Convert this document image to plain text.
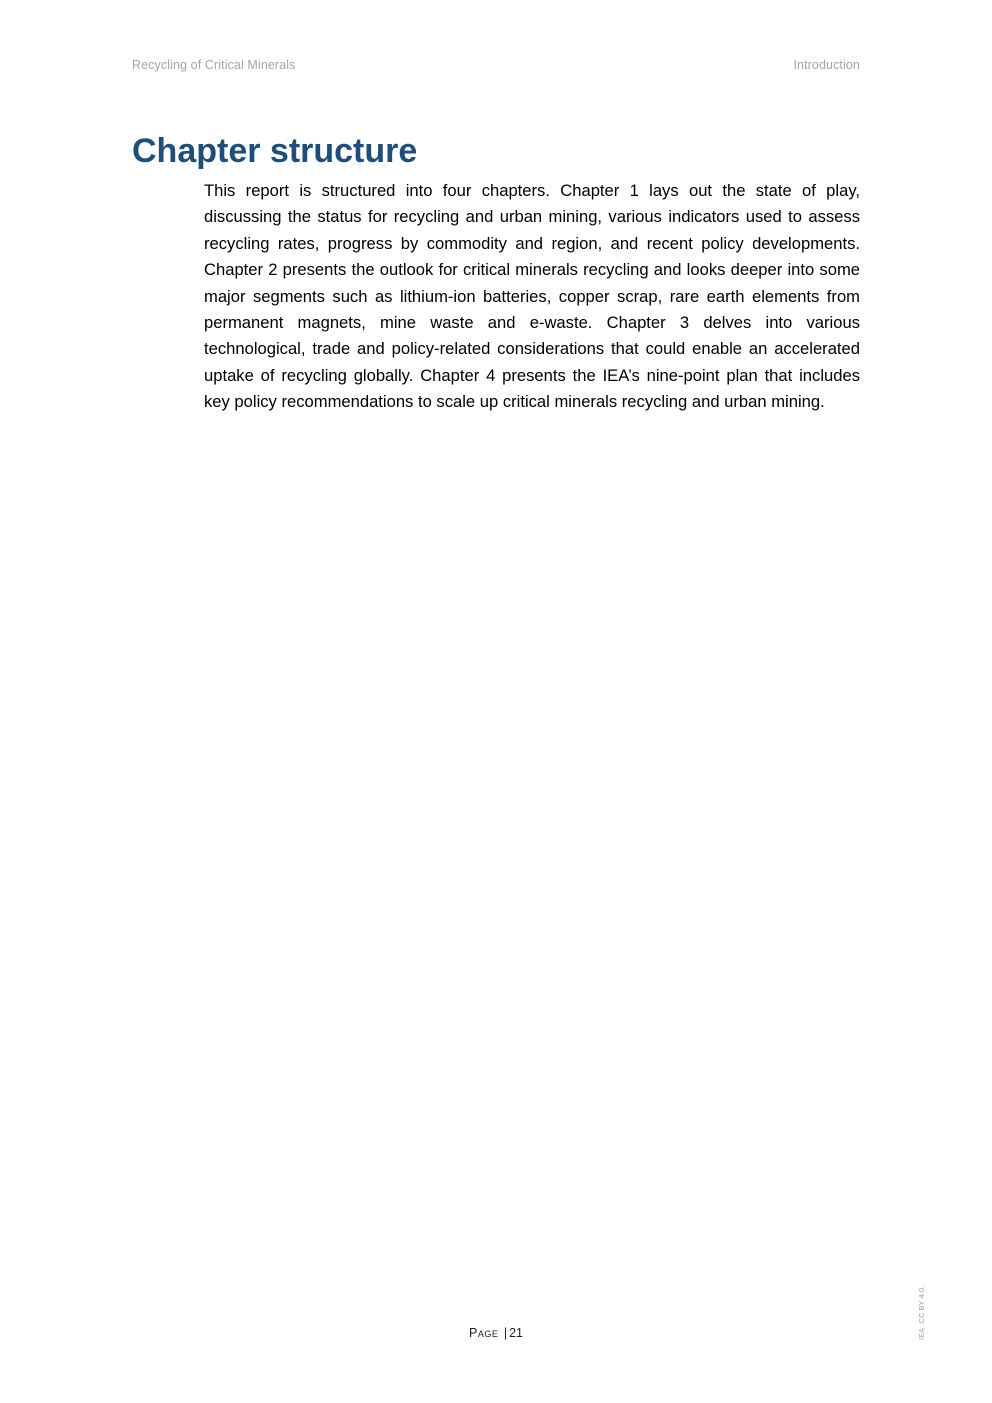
Recycling of Critical Minerals	Introduction
Chapter structure

This report is structured into four chapters. Chapter 1 lays out the state of play, discussing the status for recycling and urban mining, various indicators used to assess recycling rates, progress by commodity and region, and recent policy developments. Chapter 2 presents the outlook for critical minerals recycling and looks deeper into some major segments such as lithium-ion batteries, copper scrap, rare earth elements from permanent magnets, mine waste and e-waste. Chapter 3 delves into various technological, trade and policy-related considerations that could enable an accelerated uptake of recycling globally. Chapter 4 presents the IEA’s nine-point plan that includes key policy recommendations to scale up critical minerals recycling and urban mining.

Page | 21	IEA. CC BY 4.0.
